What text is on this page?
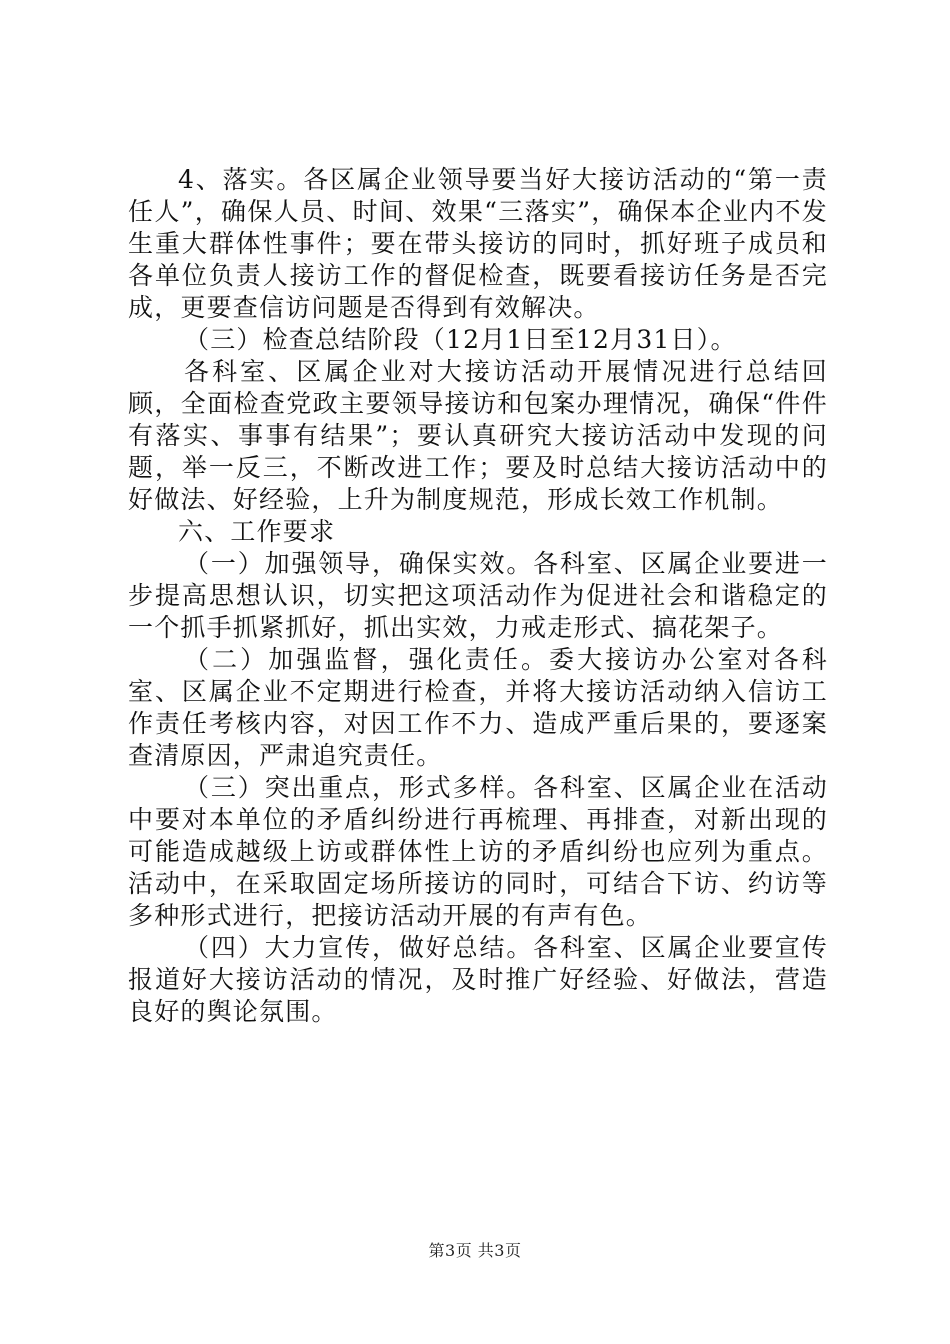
4、落实。各区属企业领导要当好大接访活动的“第一责任人”，确保人员、时间、效果“三落实”，确保本企业内不发生重大群体性事件；要在带头接访的同时，抓好班子成员和各单位负责人接访工作的督促检查，既要看接访任务是否完成，更要查信访问题是否得到有效解决。

（三）检查总结阶段（12月1日至12月31日）。

各科室、区属企业对大接访活动开展情况进行总结回顾，全面检查党政主要领导接访和包案办理情况，确保“件件有落实、事事有结果”；要认真研究大接访活动中发现的问题，举一反三，不断改进工作；要及时总结大接访活动中的好做法、好经验，上升为制度规范，形成长效工作机制。

六、工作要求

（一）加强领导，确保实效。各科室、区属企业要进一步提高思想认识，切实把这项活动作为促进社会和谐稳定的一个抓手抓紧抓好，抓出实效，力戒走形式、搞花架子。

（二）加强监督，强化责任。委大接访办公室对各科室、区属企业不定期进行检查，并将大接访活动纳入信访工作责任考核内容，对因工作不力、造成严重后果的，要逐案查清原因，严肃追究责任。

（三）突出重点，形式多样。各科室、区属企业在活动中要对本单位的矛盾纠纷进行再梳理、再排查，对新出现的可能造成越级上访或群体性上访的矛盾纠纷也应列为重点。活动中，在采取固定场所接访的同时，可结合下访、约访等多种形式进行，把接访活动开展的有声有色。

（四）大力宣传，做好总结。各科室、区属企业要宣传报道好大接访活动的情况，及时推广好经验、好做法，营造良好的舆论氛围。

第3页 共3页
